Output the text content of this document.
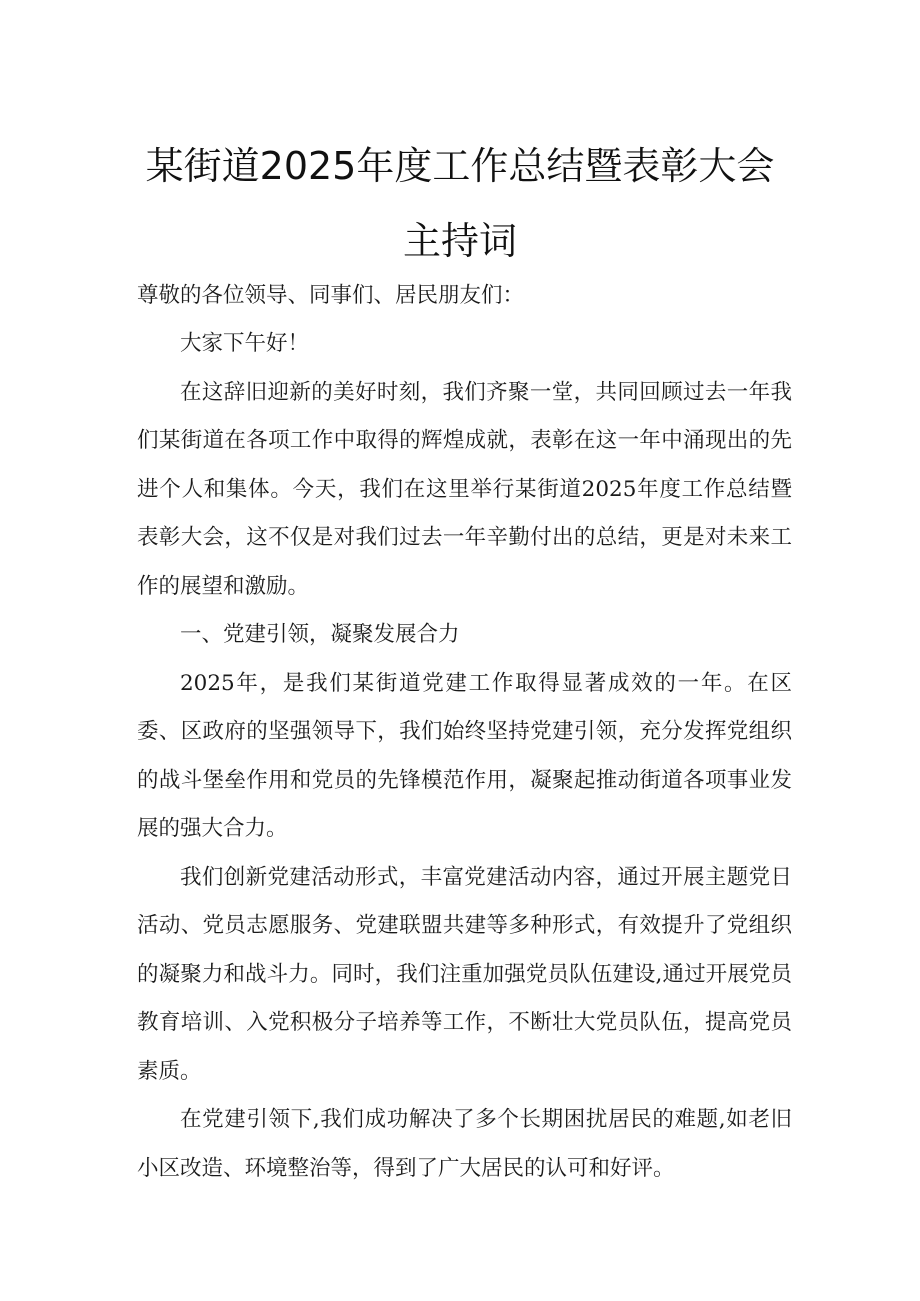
某街道2025年度工作总结暨表彰大会
主持词

尊敬的各位领导、同事们、居民朋友们：

大家下午好！

在这辞旧迎新的美好时刻，我们齐聚一堂，共同回顾过去一年我们某街道在各项工作中取得的辉煌成就，表彰在这一年中涌现出的先进个人和集体。今天，我们在这里举行某街道2025年度工作总结暨表彰大会，这不仅是对我们过去一年辛勤付出的总结，更是对未来工作的展望和激励。

一、党建引领，凝聚发展合力

2025年，是我们某街道党建工作取得显著成效的一年。在区委、区政府的坚强领导下，我们始终坚持党建引领，充分发挥党组织的战斗堡垒作用和党员的先锋模范作用，凝聚起推动街道各项事业发展的强大合力。

我们创新党建活动形式，丰富党建活动内容，通过开展主题党日活动、党员志愿服务、党建联盟共建等多种形式，有效提升了党组织的凝聚力和战斗力。同时，我们注重加强党员队伍建设,通过开展党员教育培训、入党积极分子培养等工作，不断壮大党员队伍，提高党员素质。

在党建引领下,我们成功解决了多个长期困扰居民的难题,如老旧小区改造、环境整治等，得到了广大居民的认可和好评。
